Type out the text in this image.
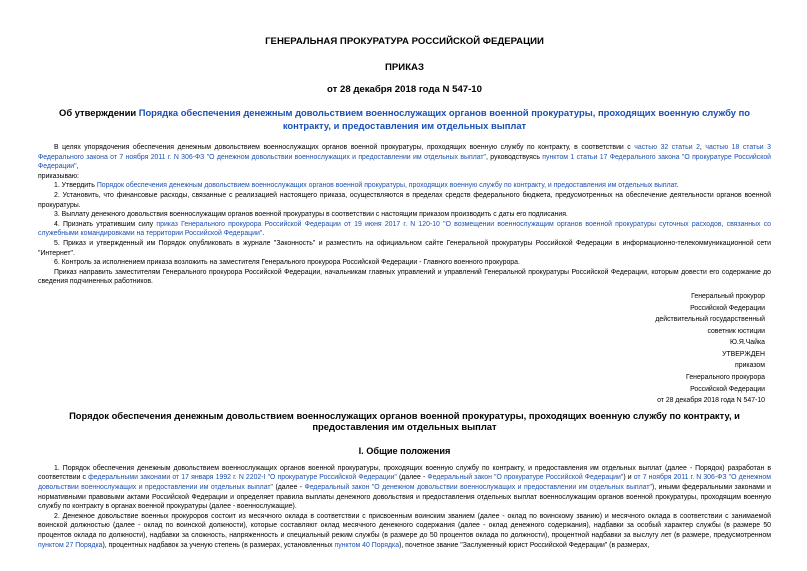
ГЕНЕРАЛЬНАЯ ПРОКУРАТУРА РОССИЙСКОЙ ФЕДЕРАЦИИ
ПРИКАЗ
от 28 декабря 2018 года N 547-10
Об утверждении Порядка обеспечения денежным довольствием военнослужащих органов военной прокуратуры, проходящих военную службу по контракту, и предоставления им отдельных выплат

В целях упорядочения обеспечения денежным довольствием военнослужащих органов военной прокуратуры, проходящих военную службу по контракту, в соответствии с частью 32 статьи 2, частью 18 статьи 3 Федерального закона от 7 ноября 2011 г. N 306-ФЗ "О денежном довольствии военнослужащих и предоставлении им отдельных выплат", руководствуясь пунктом 1 статьи 17 Федерального закона "О прокуратуре Российской Федерации",

приказываю:

1. Утвердить Порядок обеспечения денежным довольствием военнослужащих органов военной прокуратуры, проходящих военную службу по контракту, и предоставления им отдельных выплат.

2. Установить, что финансовые расходы, связанные с реализацией настоящего приказа, осуществляются в пределах средств федерального бюджета, предусмотренных на обеспечение деятельности органов военной прокуратуры.

3. Выплату денежного довольствия военнослужащим органов военной прокуратуры в соответствии с настоящим приказом производить с даты его подписания.

4. Признать утратившим силу приказ Генерального прокурора Российской Федерации от 19 июня 2017 г. N 120-10 "О возмещении военнослужащим органов военной прокуратуры суточных расходов, связанных со служебными командировками на территории Российской Федерации".

5. Приказ и утвержденный им Порядок опубликовать в журнале "Законность" и разместить на официальном сайте Генеральной прокуратуры Российской Федерации в информационно-телекоммуникационной сети "Интернет".

6. Контроль за исполнением приказа возложить на заместителя Генерального прокурора Российской Федерации - Главного военного прокурора.

Приказ направить заместителям Генерального прокурора Российской Федерации, начальникам главных управлений и управлений Генеральной прокуратуры Российской Федерации, которым довести его содержание до сведения подчиненных работников.

Генеральный прокурор
Российской Федерации
действительный государственный
советник юстиции
Ю.Я.Чайка
УТВЕРЖДЕН
приказом
Генерального прокурора
Российской Федерации
от 28 декабря 2018 года N 547-10
Порядок обеспечения денежным довольствием военнослужащих органов военной прокуратуры, проходящих военную службу по контракту, и предоставления им отдельных выплат
I. Общие положения

1. Порядок обеспечения денежным довольствием военнослужащих органов военной прокуратуры, проходящих военную службу по контракту, и предоставления им отдельных выплат (далее - Порядок) разработан в соответствии с федеральными законами от 17 января 1992 г. N 2202-I "О прокуратуре Российской Федерации" (далее - Федеральный закон "О прокуратуре Российской Федерации") и от 7 ноября 2011 г. N 306-ФЗ "О денежном довольствии военнослужащих и предоставлении им отдельных выплат" (далее - Федеральный закон "О денежном довольствии военнослужащих и предоставлении им отдельных выплат"), иными федеральными законами и нормативными правовыми актами Российской Федерации и определяет правила выплаты денежного довольствия и предоставления отдельных выплат военнослужащим органов военной прокуратуры, проходящим военную службу по контракту в органах военной прокуратуры (далее - военнослужащие).

2. Денежное довольствие военных прокуроров состоит из месячного оклада в соответствии с присвоенным воинским званием (далее - оклад по воинскому званию) и месячного оклада в соответствии с занимаемой воинской должностью (далее - оклад по воинской должности), которые составляют оклад месячного денежного содержания (далее - оклад денежного содержания), надбавки за особый характер службы (в размере 50 процентов оклада по должности), надбавки за сложность, напряженность и специальный режим службы (в размере до 50 процентов оклада по должности), процентной надбавки за выслугу лет (в размере, предусмотренном пунктом 27 Порядка), процентных надбавок за ученую степень (в размерах, установленных пунктом 40 Порядка), почетное звание "Заслуженный юрист Российской Федерации" (в размерах,
